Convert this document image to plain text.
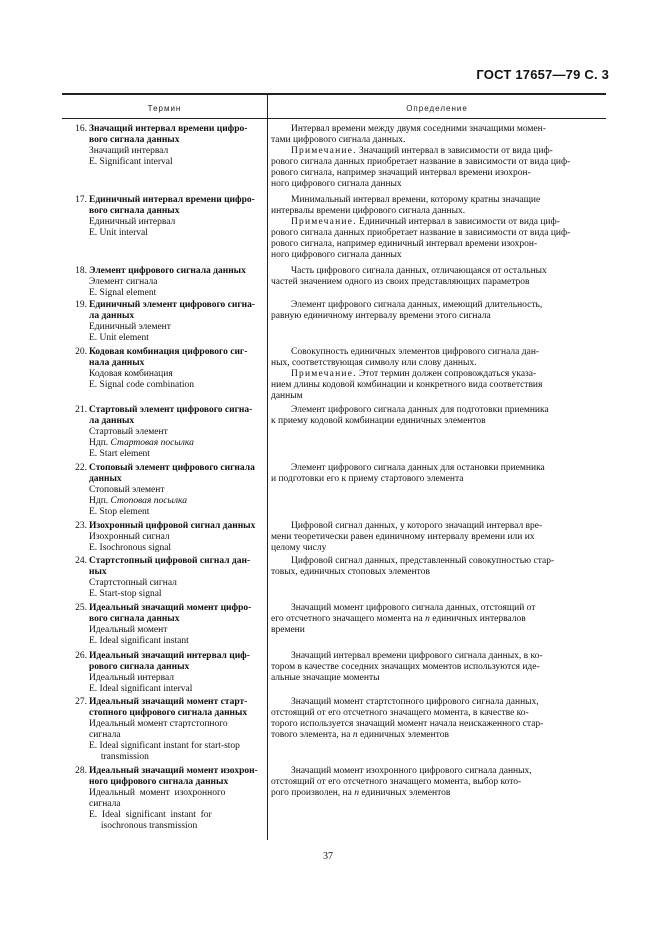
ГОСТ 17657—79 С. 3
Термин	Определение
16. Значащий интервал времени цифро-
вого сигнала данных
Значащий интервал
E. Significant interval
Интервал времени между двумя соседними значащими момен-
тами цифрового сигнала данных.
Примечание. Значащий интервал в зависимости от вида циф-
рового сигнала данных приобретает название в зависимости от вида циф-
рового сигнала, например значащий интервал времени изохрон-
ного цифрового сигнала данных
17. Единичный интервал времени цифро-
вого сигнала данных
Единичный интервал
E. Unit interval
Минимальный интервал времени, которому кратны значащие
интервалы времени цифрового сигнала данных.
Примечание. Единичный интервал в зависимости от вида циф-
рового сигнала данных приобретает название в зависимости от вида циф-
рового сигнала, например единичный интервал времени изохрон-
ного цифрового сигнала данных
18. Элемент цифрового сигнала данных
Элемент сигнала
E. Signal element
Часть цифрового сигнала данных, отличающаяся от остальных
частей значением одного из своих представляющих параметров
19. Единичный элемент цифрового сигна-
ла данных
Единичный элемент
E. Unit element
Элемент цифрового сигнала данных, имеющий длительность,
равную единичному интервалу времени этого сигнала
20. Кодовая комбинация цифрового сиг-
нала данных
Кодовая комбинация
E. Signal code combination
Совокупность единичных элементов цифрового сигнала дан-
ных, соответствующая символу или слову данных.
Примечание. Этот термин должен сопровождаться указа-
нием длины кодовой комбинации и конкретного вида соответствия
данным
21. Стартовый элемент цифрового сигна-
ла данных
Стартовый элемент
Ндп. Стартовая посылка
E. Start element
Элемент цифрового сигнала данных для подготовки приемника
к приему кодовой комбинации единичных элементов
22. Стоповый элемент цифрового сигнала
данных
Стоповый элемент
Ндп. Стоповая посылка
E. Stop element
Элемент цифрового сигнала данных для остановки приемника
и подготовки его к приему стартового элемента
23. Изохронный цифровой сигнал данных
Изохронный сигнал
E. Isochronous signal
Цифровой сигнал данных, у которого значащий интервал вре-
мени теоретически равен единичному интервалу времени или их
целому числу
24. Стартстопный цифровой сигнал дан-
ных
Стартстопный сигнал
E. Start-stop signal
Цифровой сигнал данных, представленный совокупностью стар-
товых, единичных стоповых элементов
25. Идеальный значащий момент цифро-
вого сигнала данных
Идеальный момент
E. Ideal significant instant
Значащий момент цифрового сигнала данных, отстоящий от
его отсчетного значащего момента на n единичных интервалов
времени
26. Идеальный значащий интервал циф-
рового сигнала данных
Идеальный интервал
E. Ideal significant interval
Значащий интервал времени цифрового сигнала данных, в ко-
тором в качестве соседних значащих моментов используются иде-
альные значащие моменты
27. Идеальный значащий момент старт-
стопного цифрового сигнала данных
Идеальный момент стартстопного
сигнала
E. Ideal significant instant for start-stop
transmission
Значащий момент стартстопного цифрового сигнала данных,
отстоящий от его отсчетного значащего момента, в качестве ко-
торого используется значащий момент начала неискаженного стар-
тового элемента, на n единичных элементов
28. Идеальный значащий момент изохрон-
ного цифрового сигнала данных
Идеальный  момент  изохронного
сигнала
E.  Ideal  significant  instant  for
isochronous transmission
Значащий момент изохронного цифрового сигнала данных,
отстоящий от его отсчетного значащего момента, выбор кото-
рого произволен, на n единичных элементов
37
